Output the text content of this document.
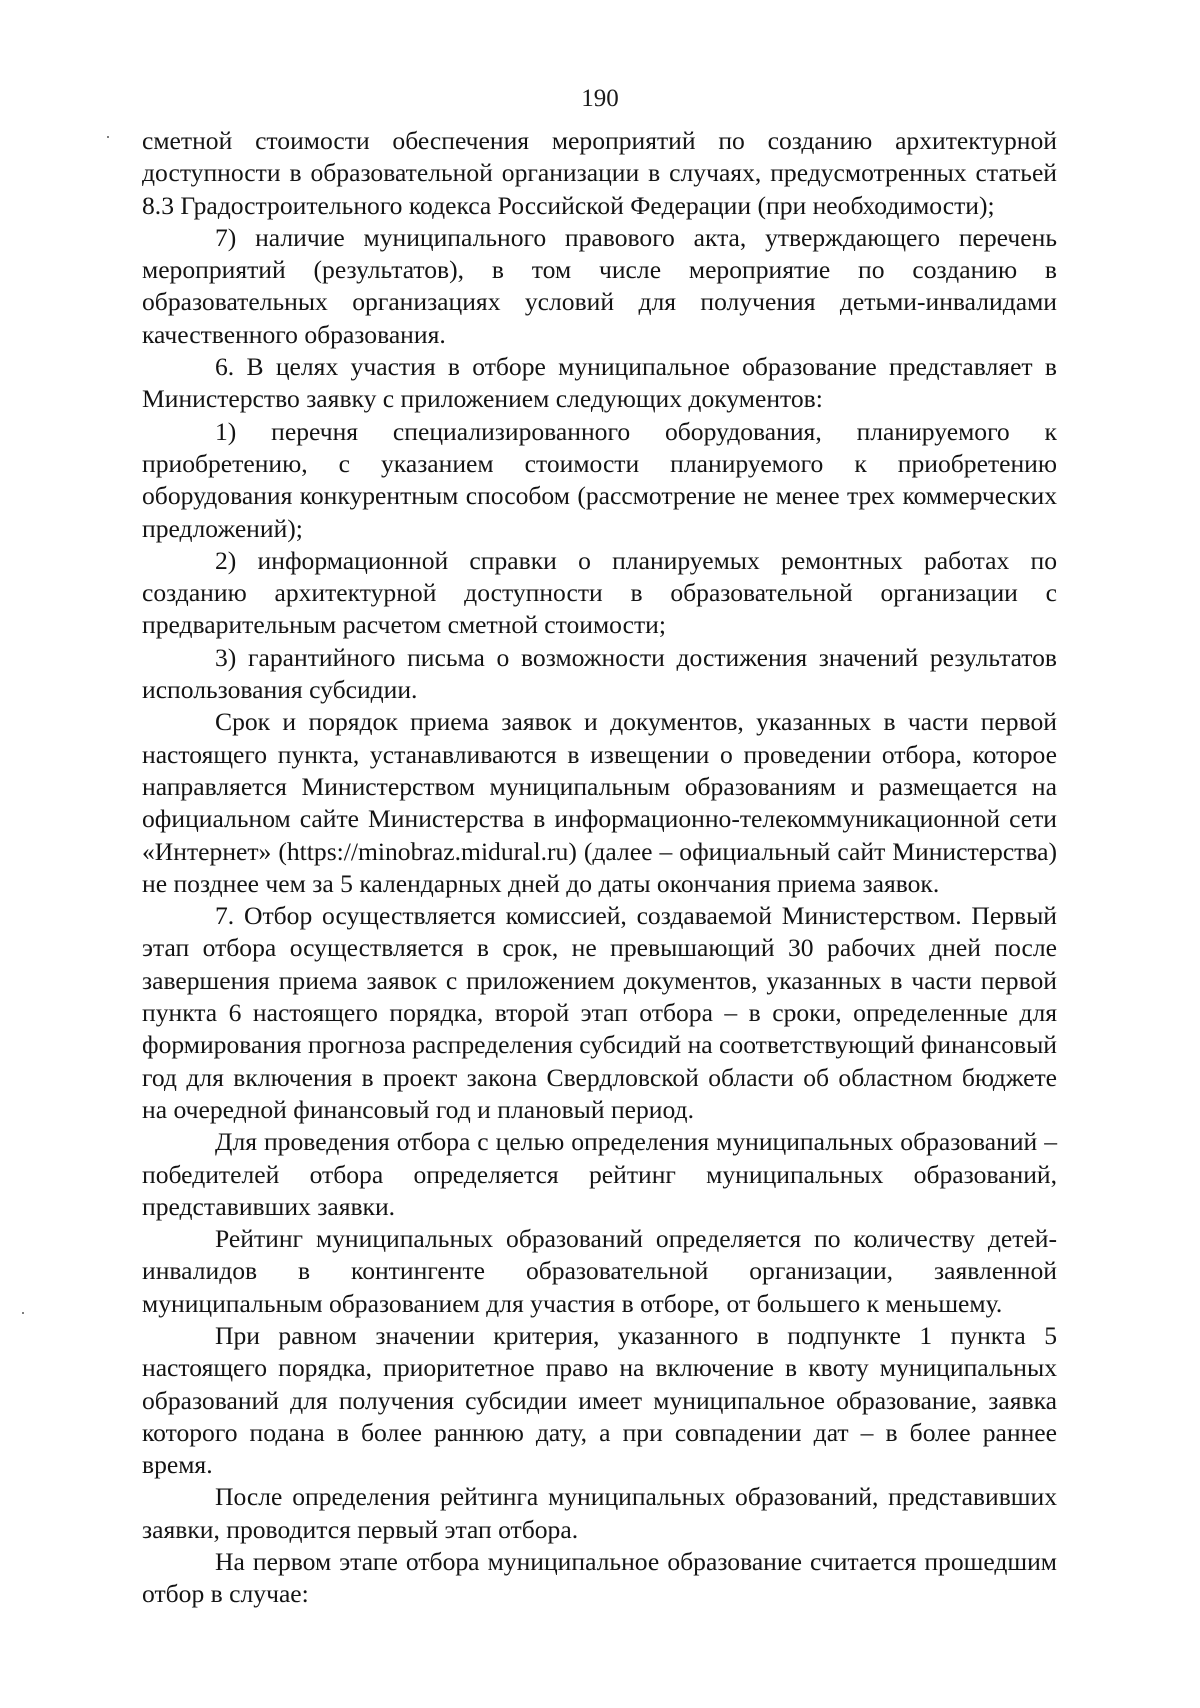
190

сметной стоимости обеспечения мероприятий по созданию архитектурной доступности в образовательной организации в случаях, предусмотренных статьей 8.3 Градостроительного кодекса Российской Федерации (при необходимости);

7) наличие муниципального правового акта, утверждающего перечень мероприятий (результатов), в том числе мероприятие по созданию в образовательных организациях условий для получения детьми-инвалидами качественного образования.

6. В целях участия в отборе муниципальное образование представляет в Министерство заявку с приложением следующих документов:

1) перечня специализированного оборудования, планируемого к приобретению, с указанием стоимости планируемого к приобретению оборудования конкурентным способом (рассмотрение не менее трех коммерческих предложений);

2) информационной справки о планируемых ремонтных работах по созданию архитектурной доступности в образовательной организации с предварительным расчетом сметной стоимости;

3) гарантийного письма о возможности достижения значений результатов использования субсидии.

Срок и порядок приема заявок и документов, указанных в части первой настоящего пункта, устанавливаются в извещении о проведении отбора, которое направляется Министерством муниципальным образованиям и размещается на официальном сайте Министерства в информационно-телекоммуникационной сети «Интернет» (https://minobraz.midural.ru) (далее – официальный сайт Министерства) не позднее чем за 5 календарных дней до даты окончания приема заявок.

7. Отбор осуществляется комиссией, создаваемой Министерством. Первый этап отбора осуществляется в срок, не превышающий 30 рабочих дней после завершения приема заявок с приложением документов, указанных в части первой пункта 6 настоящего порядка, второй этап отбора – в сроки, определенные для формирования прогноза распределения субсидий на соответствующий финансовый год для включения в проект закона Свердловской области об областном бюджете на очередной финансовый год и плановый период.

Для проведения отбора с целью определения муниципальных образований – победителей отбора определяется рейтинг муниципальных образований, представивших заявки.

Рейтинг муниципальных образований определяется по количеству детей-инвалидов в контингенте образовательной организации, заявленной муниципальным образованием для участия в отборе, от большего к меньшему.

При равном значении критерия, указанного в подпункте 1 пункта 5 настоящего порядка, приоритетное право на включение в квоту муниципальных образований для получения субсидии имеет муниципальное образование, заявка которого подана в более раннюю дату, а при совпадении дат – в более раннее время.

После определения рейтинга муниципальных образований, представивших заявки, проводится первый этап отбора.

На первом этапе отбора муниципальное образование считается прошедшим отбор в случае:
